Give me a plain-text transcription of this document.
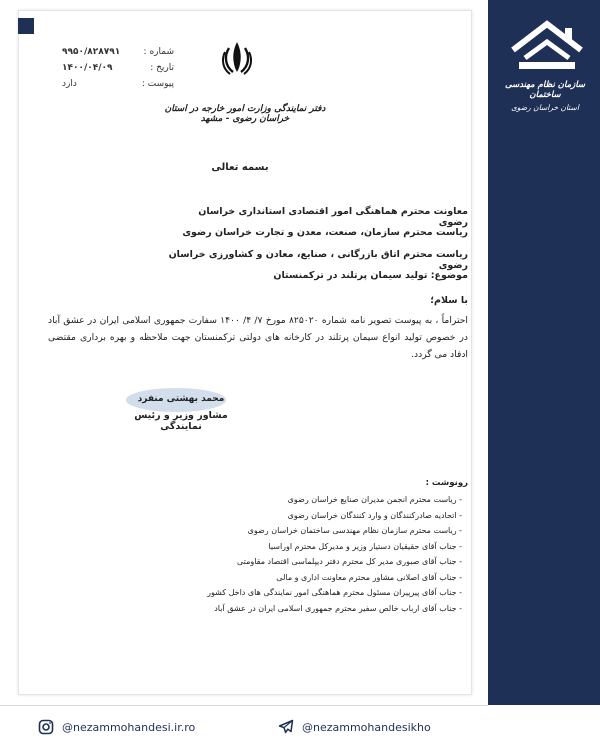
شماره :
۹۹۵۰/۸۲۸۷۹۱
تاریخ :
۱۴۰۰/۰۴/۰۹
پیوست :
دارد
دفتر نمایندگی وزارت امور خارجه در استان خراسان رضوی - مشهد
بسمه تعالی
معاونت محترم هماهنگی امور اقتصادی استانداری خراسان رضوی
ریاست محترم سازمان، صنعت، معدن و تجارت خراسان رضوی
ریاست محترم اتاق بازرگانی ، صنایع، معادن و کشاورزی خراسان رضوی
موضوع: تولید سیمان پرتلند در ترکمنستان
با سلام؛
احتراماً ، به پیوست تصویر نامه شماره ۸۲۵۰۲۰ مورخ ۷/ ۴/ ۱۴۰۰ سفارت جمهوری اسلامی ایران در عشق آباد در خصوص تولید انواع سیمان پرتلند در کارخانه های دولتی ترکمنستان جهت ملاحظه و بهره برداری مقتضی ادفاد می گردد.
محمد بهشتی منفرد
مشاور وزیر و رئیس نمایندگی
رونوشت :
- ریاست محترم انجمن مدیران صنایع خراسان رضوی
- اتحادیه صادرکنندگان و وارد کنندگان خراسان رضوی
- ریاست محترم سازمان نظام مهندسی ساختمان خراسان رضوی
- جناب آقای حقیقیان دستیار وزیر و مدیرکل محترم اوراسیا
- جناب آقای صبوری مدیر کل محترم دفتر دیپلماسی اقتصاد مقاومتی
- جناب آقای اصلانی مشاور محترم معاونت اداری و مالی
- جناب آقای پیرپیران مسئول محترم هماهنگی امور نمایندگی های داخل کشور
- جناب آقای ارباب خالص سفیر محترم جمهوری اسلامی ایران در عشق آباد
سازمان نظام مهندسی ساختمان
استان خراسان رضوی
@nezammohandesi.ir.ro	@nezammohandesikho
